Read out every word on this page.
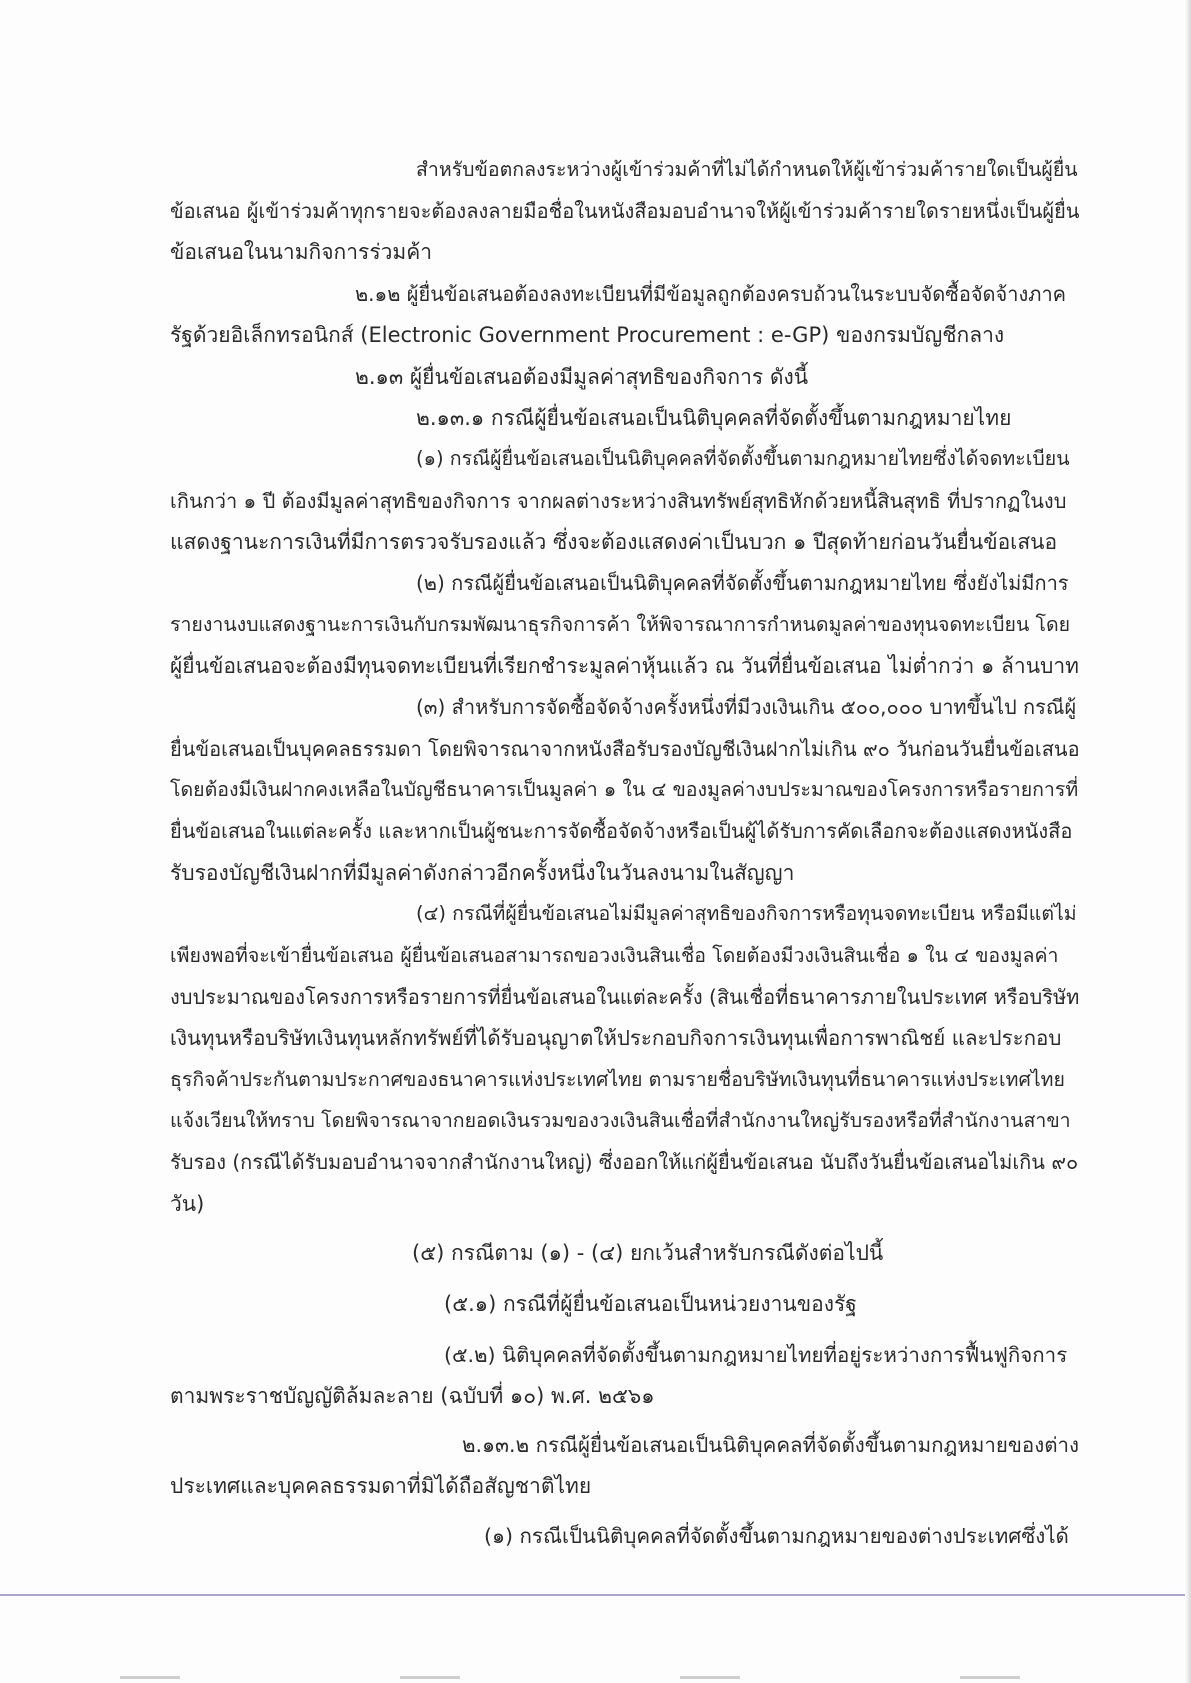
สำหรับข้อตกลงระหว่างผู้เข้าร่วมค้าที่ไม่ได้กำหนดให้ผู้เข้าร่วมค้ารายใดเป็นผู้ยื่น
ข้อเสนอ ผู้เข้าร่วมค้าทุกรายจะต้องลงลายมือชื่อในหนังสือมอบอำนาจให้ผู้เข้าร่วมค้ารายใดรายหนึ่งเป็นผู้ยื่น
ข้อเสนอในนามกิจการร่วมค้า
๒.๑๒ ผู้ยื่นข้อเสนอต้องลงทะเบียนที่มีข้อมูลถูกต้องครบถ้วนในระบบจัดซื้อจัดจ้างภาค
รัฐด้วยอิเล็กทรอนิกส์ (Electronic Government Procurement : e-GP) ของกรมบัญชีกลาง
๒.๑๓ ผู้ยื่นข้อเสนอต้องมีมูลค่าสุทธิของกิจการ ดังนี้
๒.๑๓.๑ กรณีผู้ยื่นข้อเสนอเป็นนิติบุคคลที่จัดตั้งขึ้นตามกฎหมายไทย
(๑) กรณีผู้ยื่นข้อเสนอเป็นนิติบุคคลที่จัดตั้งขึ้นตามกฎหมายไทยซึ่งได้จดทะเบียน
เกินกว่า ๑ ปี ต้องมีมูลค่าสุทธิของกิจการ จากผลต่างระหว่างสินทรัพย์สุทธิหักด้วยหนี้สินสุทธิ ที่ปรากฏในงบ
แสดงฐานะการเงินที่มีการตรวจรับรองแล้ว ซึ่งจะต้องแสดงค่าเป็นบวก ๑ ปีสุดท้ายก่อนวันยื่นข้อเสนอ
(๒) กรณีผู้ยื่นข้อเสนอเป็นนิติบุคคลที่จัดตั้งขึ้นตามกฎหมายไทย ซึ่งยังไม่มีการ
รายงานงบแสดงฐานะการเงินกับกรมพัฒนาธุรกิจการค้า ให้พิจารณาการกำหนดมูลค่าของทุนจดทะเบียน โดย
ผู้ยื่นข้อเสนอจะต้องมีทุนจดทะเบียนที่เรียกชำระมูลค่าหุ้นแล้ว ณ วันที่ยื่นข้อเสนอ ไม่ต่ำกว่า ๑ ล้านบาท
(๓) สำหรับการจัดซื้อจัดจ้างครั้งหนึ่งที่มีวงเงินเกิน ๕๐๐,๐๐๐ บาทขึ้นไป กรณีผู้
ยื่นข้อเสนอเป็นบุคคลธรรมดา โดยพิจารณาจากหนังสือรับรองบัญชีเงินฝากไม่เกิน ๙๐ วันก่อนวันยื่นข้อเสนอ
โดยต้องมีเงินฝากคงเหลือในบัญชีธนาคารเป็นมูลค่า ๑ ใน ๔ ของมูลค่างบประมาณของโครงการหรือรายการที่
ยื่นข้อเสนอในแต่ละครั้ง และหากเป็นผู้ชนะการจัดซื้อจัดจ้างหรือเป็นผู้ได้รับการคัดเลือกจะต้องแสดงหนังสือ
รับรองบัญชีเงินฝากที่มีมูลค่าดังกล่าวอีกครั้งหนึ่งในวันลงนามในสัญญา
(๔) กรณีที่ผู้ยื่นข้อเสนอไม่มีมูลค่าสุทธิของกิจการหรือทุนจดทะเบียน หรือมีแต่ไม่
เพียงพอที่จะเข้ายื่นข้อเสนอ ผู้ยื่นข้อเสนอสามารถขอวงเงินสินเชื่อ โดยต้องมีวงเงินสินเชื่อ ๑ ใน ๔ ของมูลค่า
งบประมาณของโครงการหรือรายการที่ยื่นข้อเสนอในแต่ละครั้ง (สินเชื่อที่ธนาคารภายในประเทศ หรือบริษัท
เงินทุนหรือบริษัทเงินทุนหลักทรัพย์ที่ได้รับอนุญาตให้ประกอบกิจการเงินทุนเพื่อการพาณิชย์ และประกอบ
ธุรกิจค้าประกันตามประกาศของธนาคารแห่งประเทศไทย ตามรายชื่อบริษัทเงินทุนที่ธนาคารแห่งประเทศไทย
แจ้งเวียนให้ทราบ โดยพิจารณาจากยอดเงินรวมของวงเงินสินเชื่อที่สำนักงานใหญ่รับรองหรือที่สำนักงานสาขา
รับรอง (กรณีได้รับมอบอำนาจจากสำนักงานใหญ่) ซึ่งออกให้แก่ผู้ยื่นข้อเสนอ นับถึงวันยื่นข้อเสนอไม่เกิน ๙๐
วัน)
(๕) กรณีตาม (๑) - (๔) ยกเว้นสำหรับกรณีดังต่อไปนี้
(๕.๑) กรณีที่ผู้ยื่นข้อเสนอเป็นหน่วยงานของรัฐ
(๕.๒) นิติบุคคลที่จัดตั้งขึ้นตามกฎหมายไทยที่อยู่ระหว่างการฟื้นฟูกิจการ
ตามพระราชบัญญัติล้มละลาย (ฉบับที่ ๑๐) พ.ศ. ๒๕๖๑
๒.๑๓.๒ กรณีผู้ยื่นข้อเสนอเป็นนิติบุคคลที่จัดตั้งขึ้นตามกฎหมายของต่าง
ประเทศและบุคคลธรรมดาที่มิได้ถือสัญชาติไทย
(๑) กรณีเป็นนิติบุคคลที่จัดตั้งขึ้นตามกฎหมายของต่างประเทศซึ่งได้
